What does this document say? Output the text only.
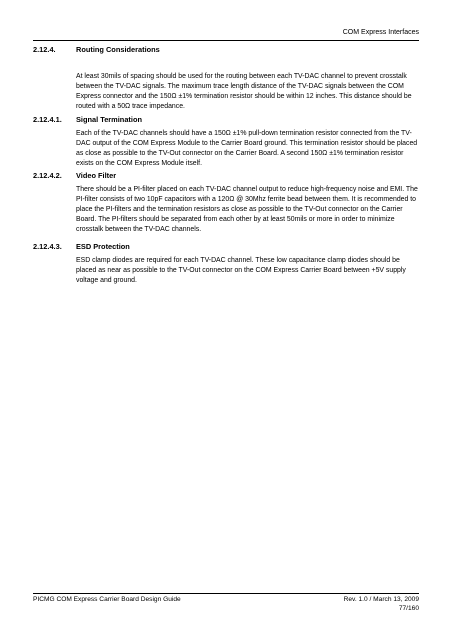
COM Express Interfaces
2.12.4.	Routing Considerations

At least 30mils of spacing should be used for the routing between each TV-DAC channel to prevent crosstalk between the TV-DAC signals. The maximum trace length distance of the TV-DAC signals between the COM Express connector and the 150Ω ±1% termination resistor should be within 12 inches. This distance should be routed with a 50Ω trace impedance.

2.12.4.1. Signal Termination

Each of the TV-DAC channels should have a 150Ω ±1% pull-down termination resistor connected from the TV-DAC output of the COM Express Module to the Carrier Board ground. This termination resistor should be placed as close as possible to the TV-Out connector on the Carrier Board. A second 150Ω ±1% termination resistor exists on the COM Express Module itself.

2.12.4.2. Video Filter

There should be a PI-filter placed on each TV-DAC channel output to reduce high-frequency noise and EMI. The PI-filter consists of two 10pF capacitors with a 120Ω @ 30Mhz ferrite bead between them. It is recommended to place the PI-filters and the termination resistors as close as possible to the TV-Out connector on the Carrier Board. The PI-filters should be separated from each other by at least 50mils or more in order to minimize crosstalk between the TV-DAC channels.

2.12.4.3. ESD Protection

ESD clamp diodes are required for each TV-DAC channel. These low capacitance clamp diodes should be placed as near as possible to the TV-Out connector on the COM Express Carrier Board between +5V supply voltage and ground.

PICMG COM Express Carrier Board Design Guide	Rev. 1.0 / March 13, 2009
77/160
